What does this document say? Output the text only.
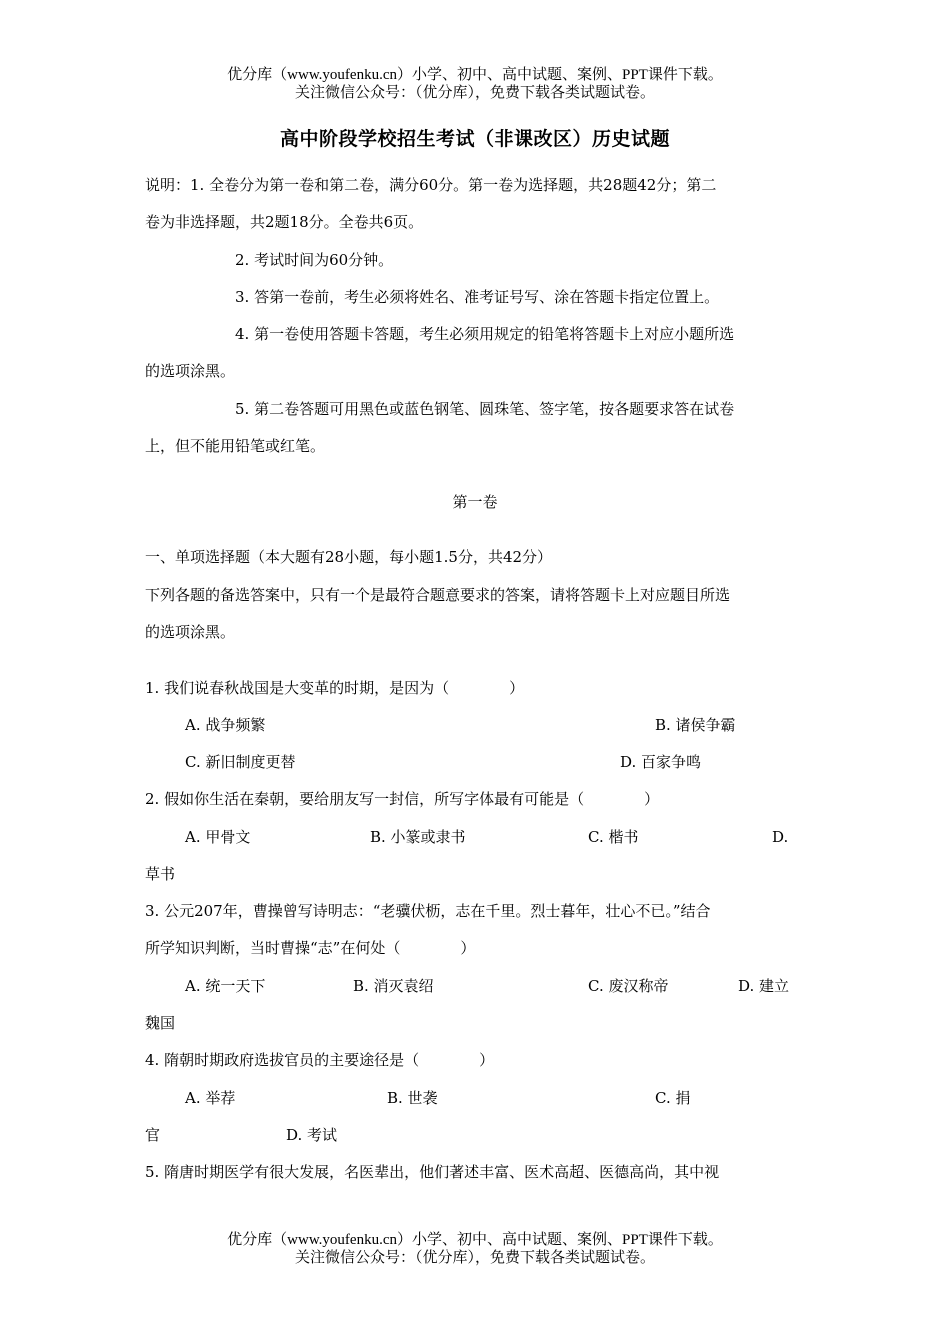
优分库（www.youfenku.cn）小学、初中、高中试题、案例、PPT课件下载。
关注微信公众号：（优分库），免费下载各类试题试卷。
高中阶段学校招生考试（非课改区）历史试题
说明：1. 全卷分为第一卷和第二卷，满分60分。第一卷为选择题，共28题42分；第二
卷为非选择题，共2题18分。全卷共6页。
2. 考试时间为60分钟。
3. 答第一卷前，考生必须将姓名、准考证号写、涂在答题卡指定位置上。
4. 第一卷使用答题卡答题，考生必须用规定的铅笔将答题卡上对应小题所选
的选项涂黑。
5. 第二卷答题可用黑色或蓝色钢笔、圆珠笔、签字笔，按各题要求答在试卷
上，但不能用铅笔或红笔。
第一卷
一、单项选择题（本大题有28小题，每小题1.5分，共42分）
下列各题的备选答案中，只有一个是最符合题意要求的答案，请将答题卡上对应题目所选
的选项涂黑。
1. 我们说春秋战国是大变革的时期，是因为（　　　　）
A. 战争频繁	B. 诸侯争霸
C. 新旧制度更替	D. 百家争鸣
2. 假如你生活在秦朝，要给朋友写一封信，所写字体最有可能是（　　　　）
A. 甲骨文	B. 小篆或隶书	C. 楷书	D.
草书
3. 公元207年，曹操曾写诗明志：“老骥伏枥，志在千里。烈士暮年，壮心不已。”结合
所学知识判断，当时曹操“志”在何处（　　　　）
A. 统一天下	B. 消灭袁绍	C. 废汉称帝	D. 建立
魏国
4. 隋朝时期政府选拔官员的主要途径是（　　　　）
A. 举荐	B. 世袭	C. 捐
官	D. 考试
5. 隋唐时期医学有很大发展，名医辈出，他们著述丰富、医术高超、医德高尚，其中视
优分库（www.youfenku.cn）小学、初中、高中试题、案例、PPT课件下载。
关注微信公众号：（优分库），免费下载各类试题试卷。
